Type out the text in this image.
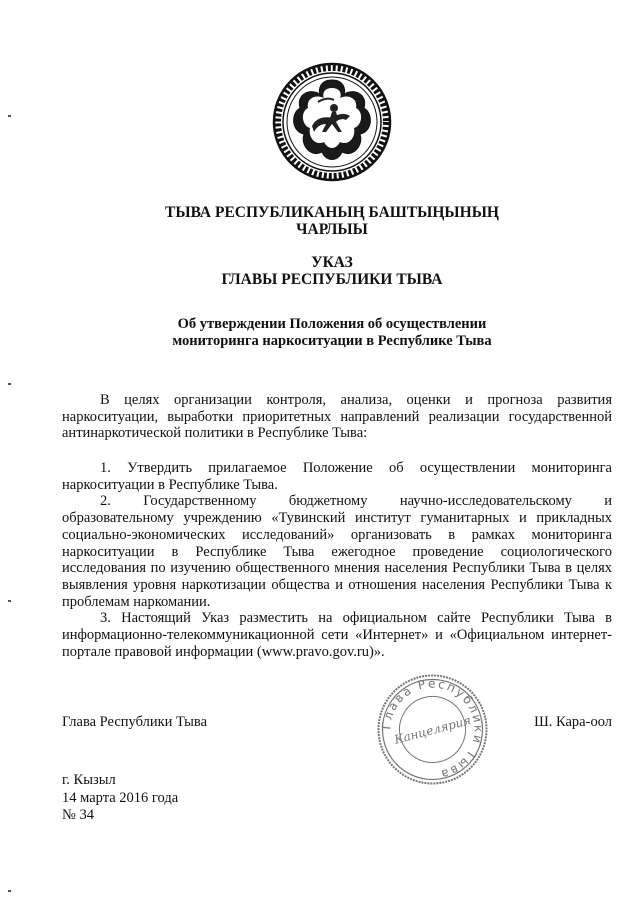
ТЫВА РЕСПУБЛИКАНЫҢ БАШТЫҢЫНЫҢ
ЧАРЛЫЫ
УКАЗ
ГЛАВЫ РЕСПУБЛИКИ ТЫВА
Об утверждении Положения об осуществлении
мониторинга наркоситуации в Республике Тыва

В целях организации контроля, анализа, оценки и прогноза развития наркоситуации, выработки приоритетных направлений реализации государственной антинаркотической политики в Республике Тыва:

1. Утвердить прилагаемое Положение об осуществлении мониторинга наркоситуации в Республике Тыва.

2. Государственному бюджетному научно-исследовательскому и образовательному учреждению «Тувинский институт гуманитарных и прикладных социально-экономических исследований» организовать в рамках мониторинга наркоситуации в Республике Тыва ежегодное проведение социологического исследования по изучению общественного мнения населения Республики Тыва в целях выявления уровня наркотизации общества и отношения населения Республики Тыва к проблемам наркомании.

3. Настоящий Указ разместить на официальном сайте Республики Тыва в информационно-телекоммуникационной сети «Интернет» и «Официальном интернет-портале правовой информации (www.pravo.gov.ru)».

Глава Республики Тыва
Канцелярия
Глава Республики Тыва	Ш. Кара-оол
г. Кызыл
14 марта 2016 года
№ 34
